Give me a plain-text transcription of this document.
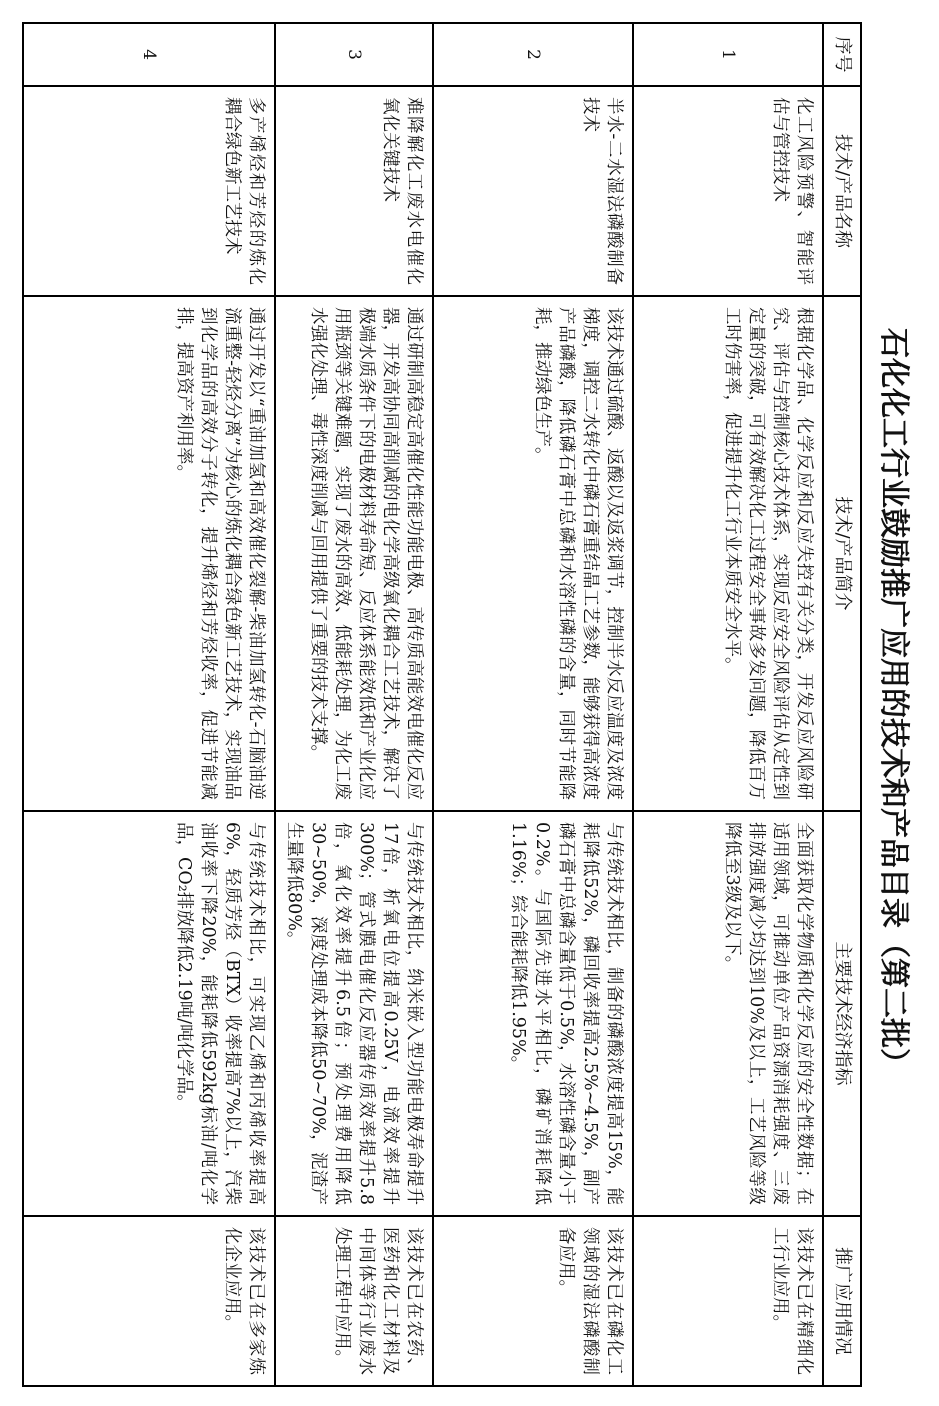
石化化工行业鼓励推广应用的技术和产品目录（第二批）
序号	技术/产品名称	技术/产品简介	主要技术经济指标	推广应用情况
1	化工风险预警、智能评估与管控技术	根据化学品、化学反应和反应失控有关分类，开发反应风险研究、评估与控制核心技术体系，实现反应安全风险评估从定性到定量的突破，可有效解决化工过程安全事故多发问题，降低百万工时伤害率，促进提升化工行业本质安全水平。	全面获取化学物质和化学反应的安全性数据；在适用领域，可推动单位产品资源消耗强度、三废排放强度减少均达到10%及以上，工艺风险等级降低至3级及以下。	该技术已在精细化工行业应用。
2	半水-二水湿法磷酸制备技术	该技术通过硫酸、返酸以及返浆调节，控制半水反应温度及浓度梯度，调控二水转化中磷石膏重结晶工艺参数，能够获得高浓度产品磷酸，降低磷石膏中总磷和水溶性磷的含量，同时节能降耗，推动绿色生产。	与传统技术相比，制备的磷酸浓度提高15%，能耗降低52%，磷回收率提高2.5%~4.5%，副产磷石膏中总磷含量低于0.5%，水溶性磷含量小于0.2%。与国际先进水平相比，磷矿消耗降低1.16%；综合能耗降低1.95%。	该技术已在磷化工领域的湿法磷酸制备应用。
3	难降解化工废水电催化氧化关键技术	通过研制高稳定高催化性能功能电极、高传质高能效电催化反应器，开发高协同高削减的电化学高级氧化耦合工艺技术，解决了极端水质条件下的电极材料寿命短、反应体系能效低和产业化应用瓶颈等关键难题，实现了废水的高效、低能耗处理，为化工废水强化处理、毒性深度削减与回用提供了重要的技术支撑。	与传统技术相比，纳米嵌入型功能电极寿命提升17倍，析氧电位提高0.25V，电流效率提升300%；管式膜电催化反应器传质效率提升5.8倍，氧化效率提升6.5倍；预处理费用降低30~50%，深度处理成本降低50~70%，泥渣产生量降低80%。	该技术已在农药、医药和化工材料及中间体等行业废水处理工程中应用。
4	多产烯烃和芳烃的炼化耦合绿色新工艺技术	通过开发以“重油加氢和高效催化裂解-柴油加氢转化-石脑油逆流重整-轻烃分离”为核心的炼化耦合绿色新工艺技术，实现油品到化学品的高效分子转化，提升烯烃和芳烃收率，促进节能减排，提高资产利用率。	与传统技术相比，可实现乙烯和丙烯收率提高6%，轻质芳烃（BTX）收率提高7%以上，汽柴油收率下降20%，能耗降低592kg标油/吨化学品，CO₂排放降低2.19吨/吨化学品。	该技术已在多家炼化企业应用。
